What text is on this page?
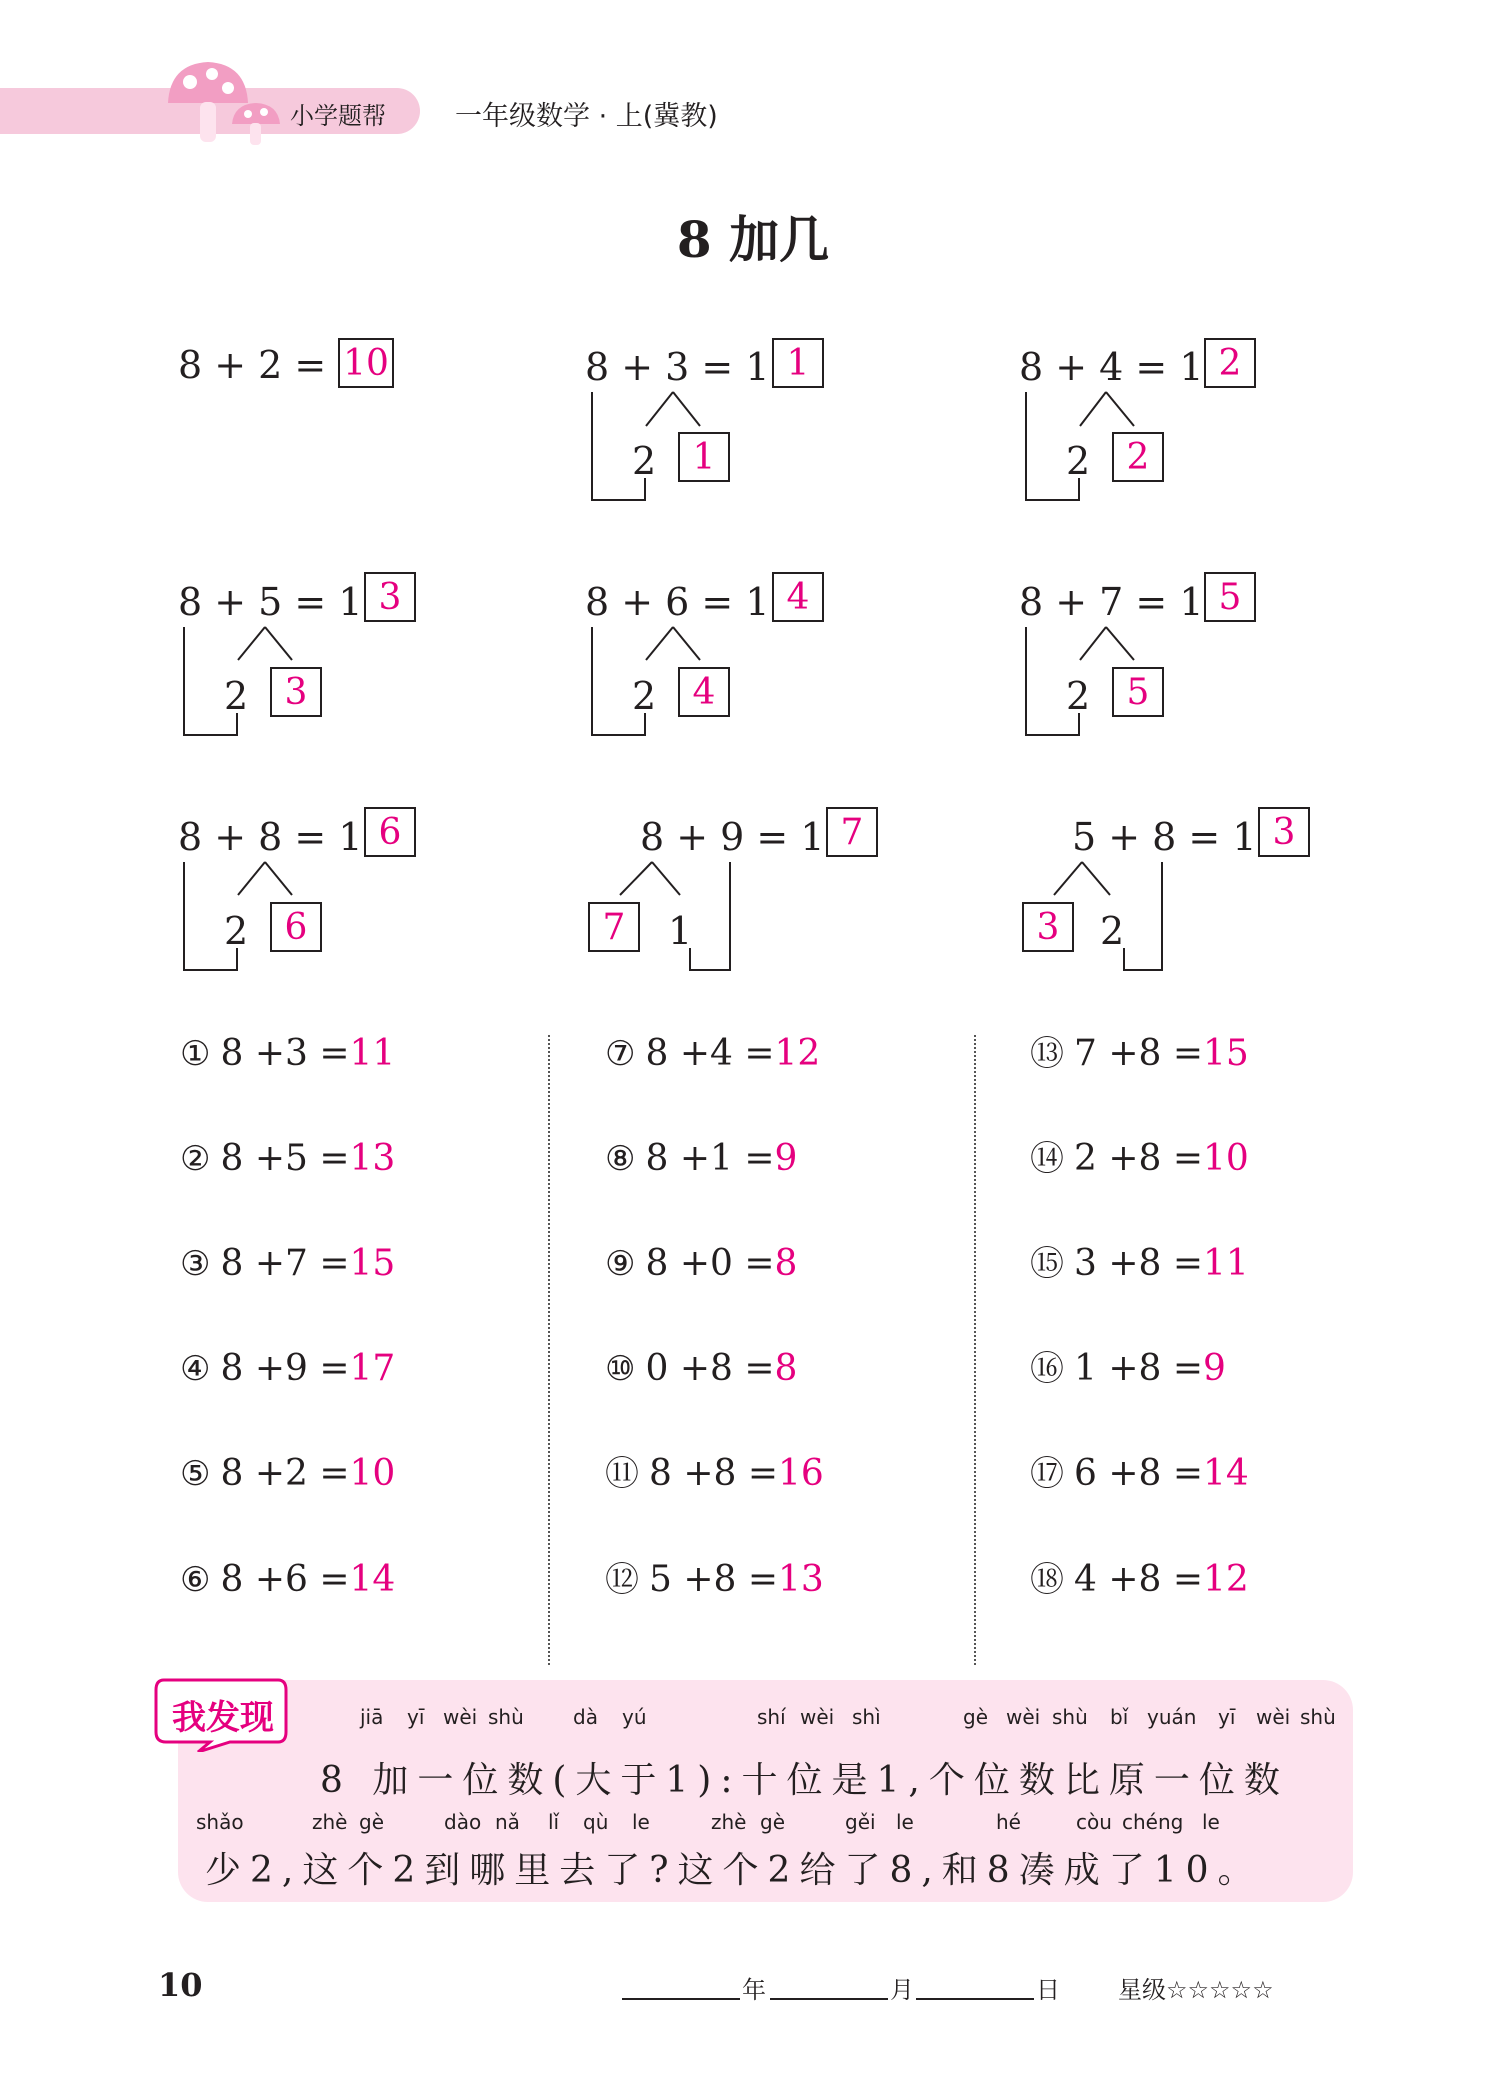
小学题帮	一年级数学 · 上(冀教)
8 加几
8 + 2 = 10	8 + 3 = 1 1
2	1
8 + 4 = 1 2
2	2
8 + 5 = 1 3
2	3
8 + 6 = 1 4
2	4
8 + 7 = 1 5
2	5
8 + 8 = 1 6
2	6
8 + 9 = 1 7
7	1
5 + 8 = 1 3
3	2
① 8 +3 =11
② 8 +5 =13
③ 8 +7 =15
④ 8 +9 =17
⑤ 8 +2 =10
⑥ 8 +6 =14
⑦ 8 +4 =12
⑧ 8 +1 =9
⑨ 8 +0 =8
⑩ 0 +8 =8
⑪ 8 +8 =16
⑫ 5 +8 =13
⑬ 7 +8 =15
⑭ 2 +8 =10
⑮ 3 +8 =11
⑯ 1 +8 =9
⑰ 6 +8 =14
⑱ 4 +8 =12
我发现	jiā yī wèi shù dà yú	shí wèi shì	gè wèi shù bǐ yuán yī wèi shù
8 加一位数(大于1):十位是1,个位数比原一位数
shǎo	zhè gè	dào nǎ lǐ qù le	zhè gè	gěi le	hé	còu chéng le
少2,这个2到哪里去了?这个2给了8,和8凑成了10。
10	年	月	日 星级☆☆☆☆☆
